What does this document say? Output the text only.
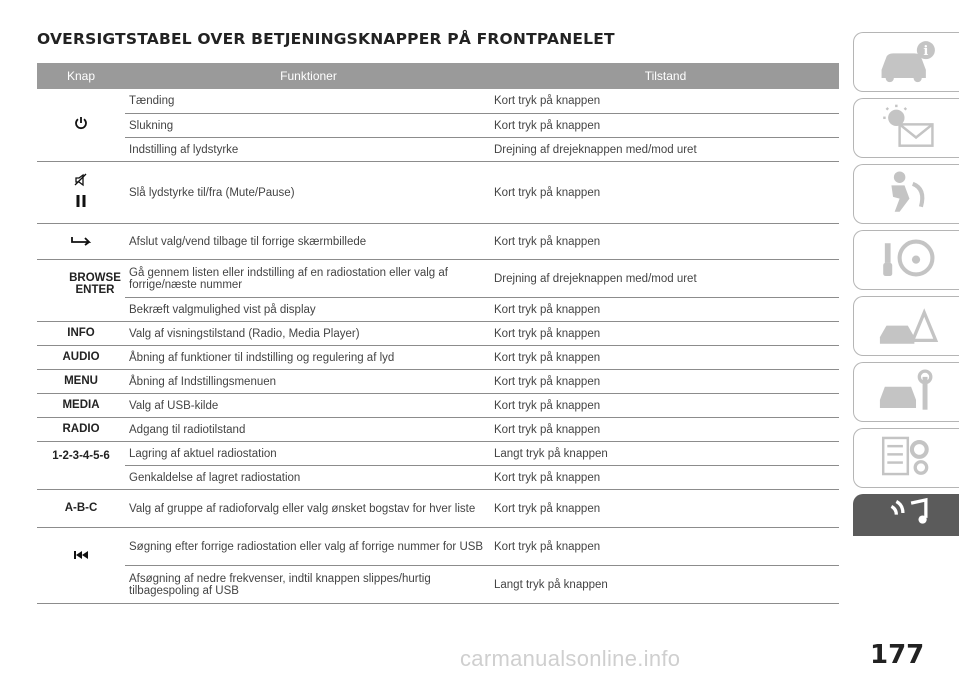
OVERSIGTSTABEL OVER BETJENINGSKNAPPER PÅ FRONTPANELET
Knap	Funktioner	Tilstand
	Tænding	Kort tryk på knappen
	Slukning	Kort tryk på knappen
	Indstilling af lydstyrke	Drejning af drejeknappen med/mod uret
	Slå lydstyrke til/fra (Mute/Pause)	Kort tryk på knappen
	Afslut valg/vend tilbage til forrige skærmbillede	Kort tryk på knappen
BROWSE ENTER	Gå gennem listen eller indstilling af en radiostation eller valg af forrige/næste nummer	Drejning af drejeknappen med/mod uret
	Bekræft valgmulighed vist på display	Kort tryk på knappen
INFO	Valg af visningstilstand (Radio, Media Player)	Kort tryk på knappen
AUDIO	Åbning af funktioner til indstilling og regulering af lyd	Kort tryk på knappen
MENU	Åbning af Indstillingsmenuen	Kort tryk på knappen
MEDIA	Valg af USB-kilde	Kort tryk på knappen
RADIO	Adgang til radiotilstand	Kort tryk på knappen
1-2-3-4-5-6	Lagring af aktuel radiostation	Langt tryk på knappen
	Genkaldelse af lagret radiostation	Kort tryk på knappen
A-B-C	Valg af gruppe af radioforvalg eller valg ønsket bogstav for hver liste	Kort tryk på knappen
	Søgning efter forrige radiostation eller valg af forrige nummer for USB	Kort tryk på knappen
	Afsøgning af nedre frekvenser, indtil knappen slippes/hurtig tilbagespoling af USB	Langt tryk på knappen
i
177
carmanualsonline.info
